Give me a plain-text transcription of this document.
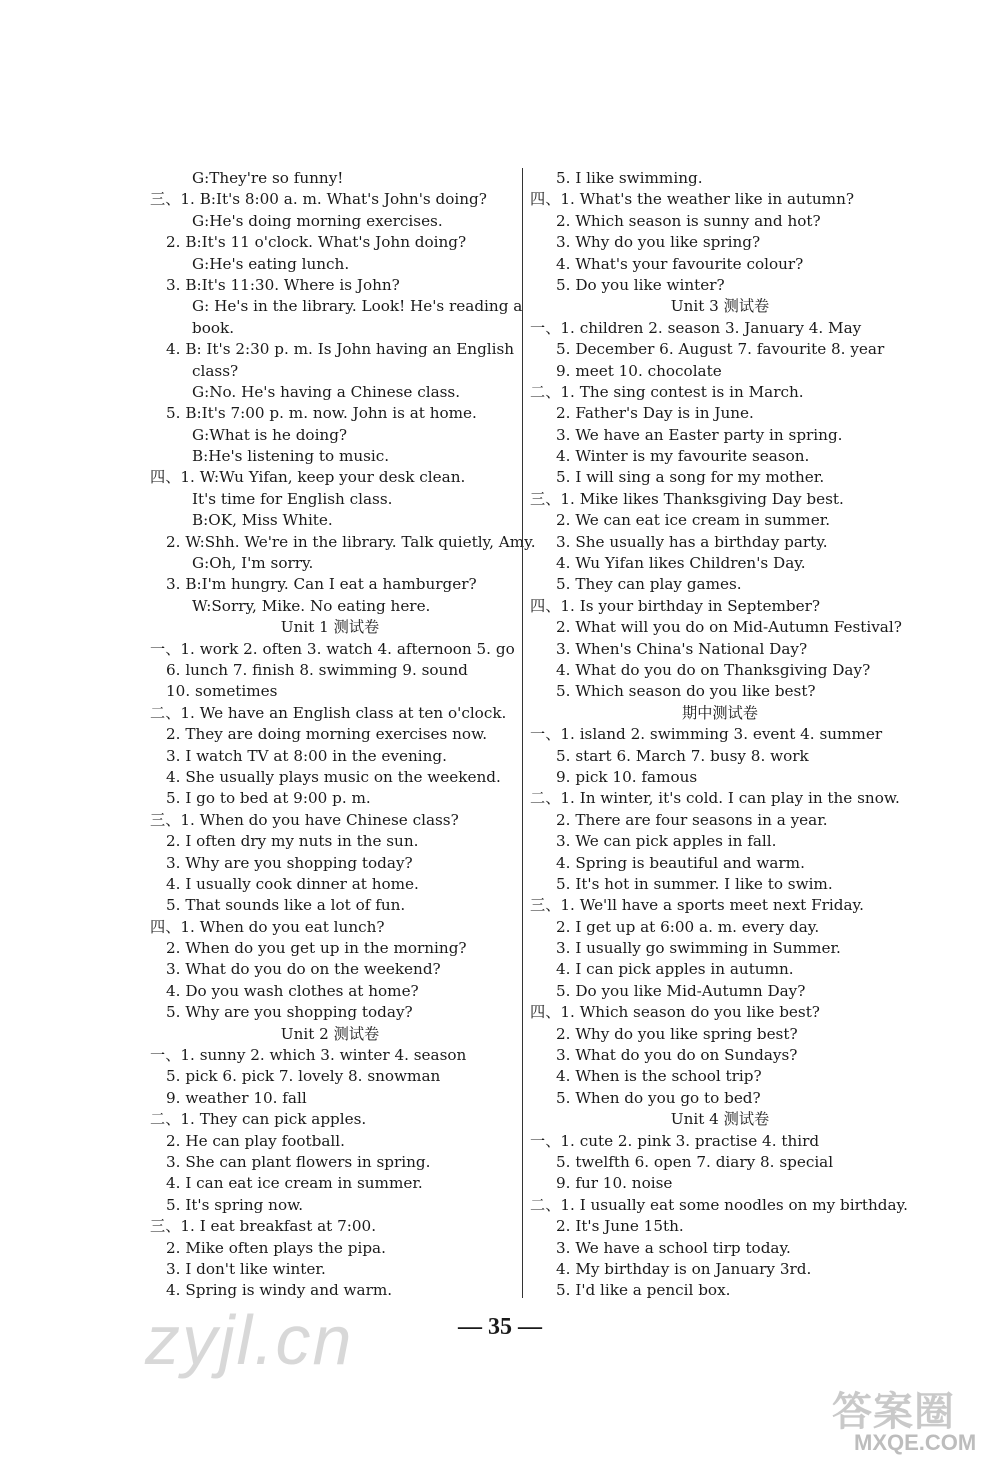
G:They're so funny!
三、1. B:It's 8:00 a. m. What's John's doing?
G:He's doing morning exercises.
2. B:It's 11 o'clock. What's John doing?
G:He's eating lunch.
3. B:It's 11:30. Where is John?
G: He's in the library. Look! He's reading a
book.
4. B: It's 2:30 p. m. Is John having an English
class?
G:No. He's having a Chinese class.
5. B:It's 7:00 p. m. now. John is at home.
G:What is he doing?
B:He's listening to music.
四、1. W:Wu Yifan, keep your desk clean.
It's time for English class.
B:OK, Miss White.
2. W:Shh. We're in the library. Talk quietly, Amy.
G:Oh, I'm sorry.
3. B:I'm hungry. Can I eat a hamburger?
W:Sorry, Mike. No eating here.
Unit 1 测试卷
一、1. work 2. often 3. watch 4. afternoon 5. go
6. lunch 7. finish 8. swimming 9. sound
10. sometimes
二、1. We have an English class at ten o'clock.
2. They are doing morning exercises now.
3. I watch TV at 8:00 in the evening.
4. She usually plays music on the weekend.
5. I go to bed at 9:00 p. m.
三、1. When do you have Chinese class?
2. I often dry my nuts in the sun.
3. Why are you shopping today?
4. I usually cook dinner at home.
5. That sounds like a lot of fun.
四、1. When do you eat lunch?
2. When do you get up in the morning?
3. What do you do on the weekend?
4. Do you wash clothes at home?
5. Why are you shopping today?
Unit 2 测试卷
一、1. sunny 2. which 3. winter 4. season
5. pick 6. pick 7. lovely 8. snowman
9. weather 10. fall
二、1. They can pick apples.
2. He can play football.
3. She can plant flowers in spring.
4. I can eat ice cream in summer.
5. It's spring now.
三、1. I eat breakfast at 7:00.
2. Mike often plays the pipa.
3. I don't like winter.
4. Spring is windy and warm.
5. I like swimming.
四、1. What's the weather like in autumn?
2. Which season is sunny and hot?
3. Why do you like spring?
4. What's your favourite colour?
5. Do you like winter?
Unit 3 测试卷
一、1. children 2. season 3. January 4. May
5. December 6. August 7. favourite 8. year
9. meet 10. chocolate
二、1. The sing contest is in March.
2. Father's Day is in June.
3. We have an Easter party in spring.
4. Winter is my favourite season.
5. I will sing a song for my mother.
三、1. Mike likes Thanksgiving Day best.
2. We can eat ice cream in summer.
3. She usually has a birthday party.
4. Wu Yifan likes Children's Day.
5. They can play games.
四、1. Is your birthday in September?
2. What will you do on Mid-Autumn Festival?
3. When's China's National Day?
4. What do you do on Thanksgiving Day?
5. Which season do you like best?
期中测试卷
一、1. island 2. swimming 3. event 4. summer
5. start 6. March 7. busy 8. work
9. pick 10. famous
二、1. In winter, it's cold. I can play in the snow.
2. There are four seasons in a year.
3. We can pick apples in fall.
4. Spring is beautiful and warm.
5. It's hot in summer. I like to swim.
三、1. We'll have a sports meet next Friday.
2. I get up at 6:00 a. m. every day.
3. I usually go swimming in Summer.
4. I can pick apples in autumn.
5. Do you like Mid-Autumn Day?
四、1. Which season do you like best?
2. Why do you like spring best?
3. What do you do on Sundays?
4. When is the school trip?
5. When do you go to bed?
Unit 4 测试卷
一、1. cute 2. pink 3. practise 4. third
5. twelfth 6. open 7. diary 8. special
9. fur 10. noise
二、1. I usually eat some noodles on my birthday.
2. It's June 15th.
3. We have a school tirp today.
4. My birthday is on January 3rd.
5. I'd like a pencil box.
— 35 —
zyjl.cn
答案圈
MXQE.COM
